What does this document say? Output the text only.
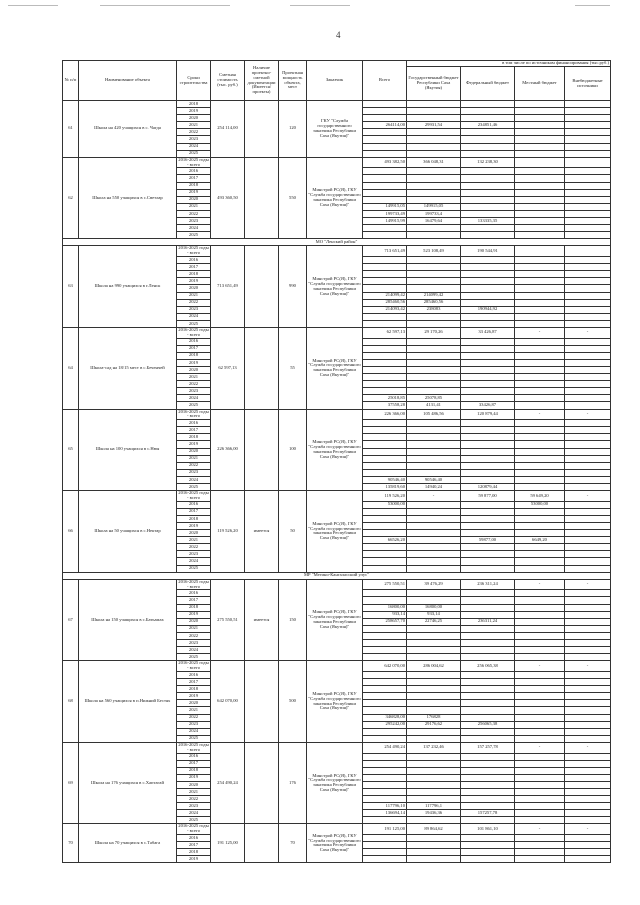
4
№ п/п	Наименование объекта	Сроки строительства	Сметная стоимость (тыс. руб.)	Наличие проектно-сметной документации (Имеется/проекты)	Проектная мощность объекта, мест	Заказчик	Всего	в том числе по источникам финансирования (тыс.руб.)			
								Государственный бюджет Республики Саха (Якутия)	Федеральный бюджет	Местный бюджет	Внебюджетные источники
61	Школа на 420 учащихся в с. Чагда	2018	254 114,00		120	ГКУ "Служба государственного заказчика Республики Саха (Якутия)"					
		2019									
		2020									
		2021					264114,00	29931,54	234851,46		
		2022									
		2023									
		2024									
		2025									
62	Школа на 550 учащихся в с.Светлар	2016-2025 годы - всего	493 360,50		550	Минстрой РС(Я), ГКУ "Служба государственного заказчика Республики Саха (Якутия)"	493 382,50	366 048,31	132 238,30		
		2016									
		2017									
		2018									
		2019									
		2020									
		2021					149915,05	149915,05			
		2022					199733,49	199733,4			
		2023					149915,99	16479,64	133335,35		
		2024									
		2025									
МО "Ленский район"											
63	Школа на 990 учащихся в г.Ленск	2016-2025 годы - всего	713 651,49		990	Минстрой РС(Я), ГКУ "Служба государственного заказчика Республики Саха (Якутия)"	713 651,49	523 108,49	190 544,91		
		2016									
		2017									
		2018									
		2019									
		2020									
		2021					214099,42	214099,42			
		2022					285460,56	285460,56			
		2023					214093,42	238083	190944,92		
		2024									
		2025									
64	Школа-сад на 18/15 мест в с.Беченчей	2016-2025 годы - всего	62 597,13		55	Минстрой РС(Я), ГКУ "Служба государственного заказчика Республики Саха (Якутия)"	62 597,13	29 170,26	33 426,87	-	-
		2016									
		2017									
		2018									
		2019									
		2020									
		2021									
		2022									
		2023									
		2024					25018,85	25078,85			
		2025					37558,28	4131,41	33426,87		
65	Школа на 100 учащихся в с.Нюя	2016-2025 годы - всего	226 366,00		100	Минстрой РС(Я), ГКУ "Служба государственного заказчика Республики Саха (Якутия)"	226 366,00	105 486,56	120 879,44	-	-
		2016									
		2017									
		2018									
		2019									
		2020									
		2021									
		2022									
		2023									
		2024					90546,40	90546,40			
		2025					135819,60	14940,24	120879,44		
66	Школа на 50 учащихся в с.Нектар	2016-2025 годы - всего	119 526,20	имеется	50	Минстрой РС(Я), ГКУ "Служба государственного заказчика Республики Саха (Якутия)"	119 526,20	-	59 877,00	59 649,20	-
		2016					53000,00			53000,00	
		2017									
		2018									
		2019									
		2020									
		2021					66526,20		59877,00	6649,20	
		2022									
		2023									
		2024									
		2025									
МР "Мегино-Кангаласский улус"											
67	Школа на 150 учащихся в с.Батьамах	2016-2025 годы - всего	275 550,51	имеется	150	Минстрой РС(Я), ГКУ "Служба государственного заказчика Республики Саха (Якутия)"	275 550,51	39 476,29	236 311,24	-	-
		2016									
		2017									
		2018					16800,00	16800,00			
		2019					933,14	933,14			
		2020					258657,70	22746,25	236311,24		
		2021									
		2022									
		2023									
		2024									
		2025									
68	Школа на 560 учащихся в п.Нижний Бестях	2016-2025 годы - всего	642 070,00		500	Минстрой РС(Я), ГКУ "Служба государственного заказчика Республики Саха (Якутия)"	642 070,00	286 004,62	256 065,38	-	-
		2016									
		2017									
		2018									
		2019									
		2020									
		2021									
		2022					346828,00	176828			
		2023					295242,00	29176,62	256065,38		
		2024									
		2025									
69	Школа на 176 учащихся в с.Хаптагай	2016-2025 годы - всего	254 490,24		176	Минстрой РС(Я), ГКУ "Служба государственного заказчика Республики Саха (Якутия)"	254 490,24	137 232,46	157 257,78	-	-
		2016									
		2017									
		2018									
		2019									
		2020									
		2021									
		2022									
		2023					117796,10	117796,1			
		2024					136694,14	19436,36	157257,78		
		2025									
70	Школа на 70 учащихся в с.Табага	2016-2025 годы - всего	191 125,00		70	Минстрой РС(Я), ГКУ "Служба государственного заказчика Республики Саха (Якутия)"	191 125,00	89 864,62	101 861,10	-	-
		2016									
		2017									
		2018									
		2019									
